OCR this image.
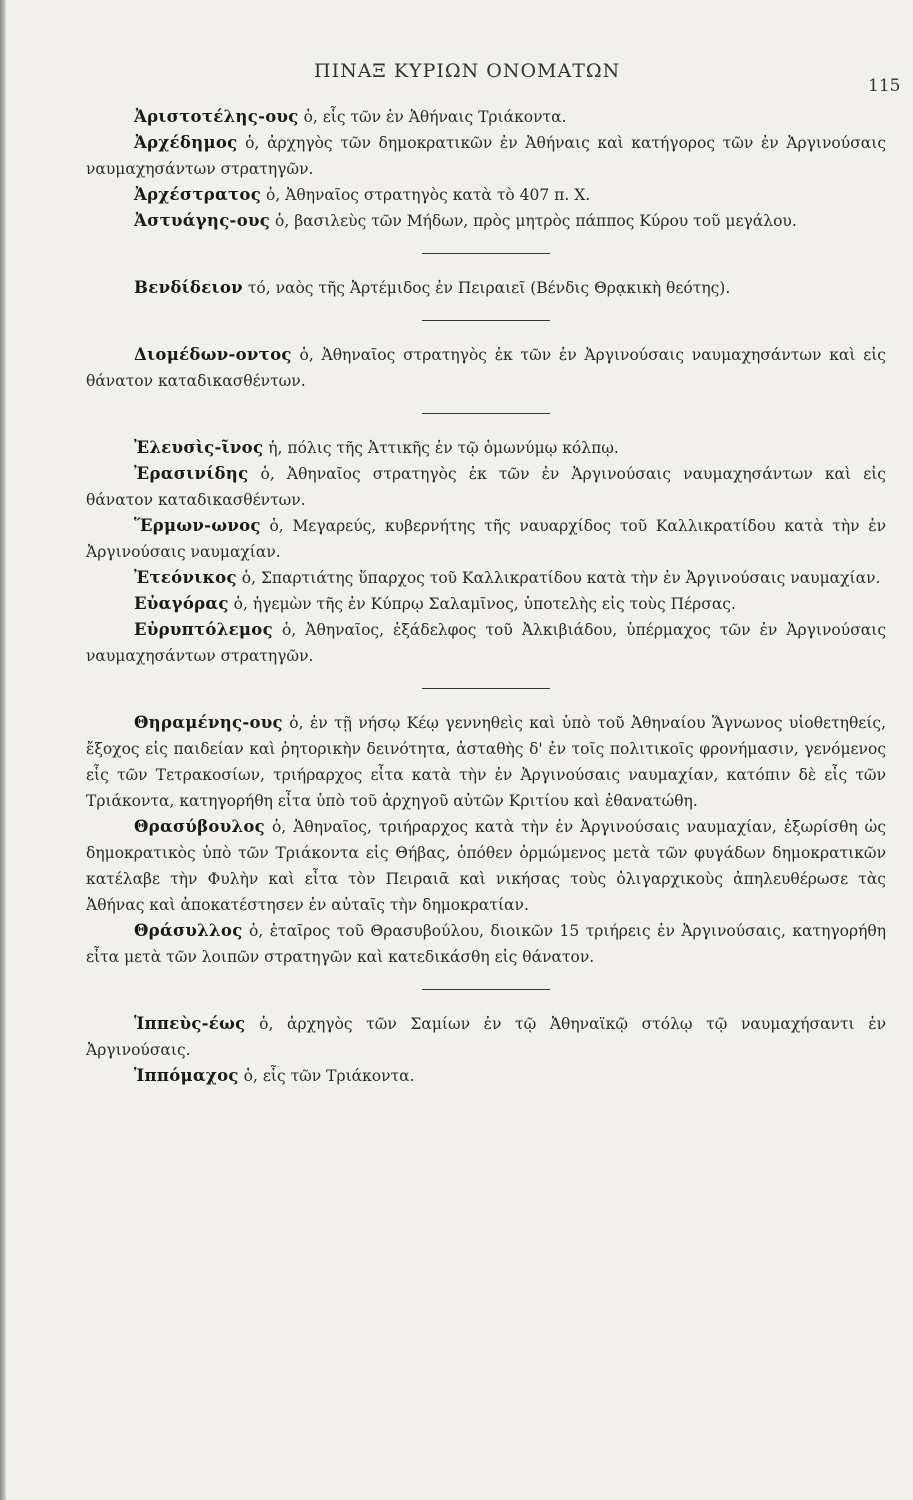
ΠΙΝΑΞ ΚΥΡΙΩΝ ΟΝΟΜΑΤΩΝ
115

Ἀριστοτέλης-ους ὁ, εἷς τῶν ἐν Ἀθήναις Τριάκοντα.

Ἀρχέδημος ὁ, ἀρχηγὸς τῶν δημοκρατικῶν ἐν Ἀθήναις καὶ κατήγορος τῶν ἐν Ἀργινούσαις ναυμαχησάντων στρατηγῶν.

Ἀρχέστρατος ὁ, Ἀθηναῖος στρατηγὸς κατὰ τὸ 407 π. Χ.

Ἀστυάγης-ους ὁ, βασιλεὺς τῶν Μήδων, πρὸς μητρὸς πάππος Κύρου τοῦ μεγάλου.

Βενδίδειον τό, ναὸς τῆς Ἀρτέμιδος ἐν Πειραιεῖ (Βένδις Θρᾳκικὴ θεότης).

Διομέδων-οντος ὁ, Ἀθηναῖος στρατηγὸς ἐκ τῶν ἐν Ἀργινούσαις ναυμαχησάντων καὶ εἰς θάνατον καταδικασθέντων.

Ἐλευσὶς-ῖνος ἡ, πόλις τῆς Ἀττικῆς ἐν τῷ ὁμωνύμῳ κόλπῳ.

Ἐρασινίδης ὁ, Ἀθηναῖος στρατηγὸς ἐκ τῶν ἐν Ἀργινούσαις ναυμαχησάντων καὶ εἰς θάνατον καταδικασθέντων.

Ἕρμων-ωνος ὁ, Μεγαρεύς, κυβερνήτης τῆς ναυαρχίδος τοῦ Καλλικρατίδου κατὰ τὴν ἐν Ἀργινούσαις ναυμαχίαν.

Ἐτεόνικος ὁ, Σπαρτιάτης ὕπαρχος τοῦ Καλλικρατίδου κατὰ τὴν ἐν Ἀργινούσαις ναυμαχίαν.

Εὐαγόρας ὁ, ἡγεμὼν τῆς ἐν Κύπρῳ Σαλαμῖνος, ὑποτελὴς εἰς τοὺς Πέρσας.

Εὐρυπτόλεμος ὁ, Ἀθηναῖος, ἐξάδελφος τοῦ Ἀλκιβιάδου, ὑπέρμαχος τῶν ἐν Ἀργινούσαις ναυμαχησάντων στρατηγῶν.

Θηραμένης-ους ὁ, ἐν τῇ νήσῳ Κέῳ γεννηθεὶς καὶ ὑπὸ τοῦ Ἀθηναίου Ἅγνωνος υἱοθετηθείς, ἔξοχος εἰς παιδείαν καὶ ῥητορικὴν δεινότητα, ἀσταθὴς δ' ἐν τοῖς πολιτικοῖς φρονήμασιν, γενόμενος εἷς τῶν Τετρακοσίων, τριήραρχος εἶτα κατὰ τὴν ἐν Ἀργινούσαις ναυμαχίαν, κατόπιν δὲ εἷς τῶν Τριάκοντα, κατηγορήθη εἶτα ὑπὸ τοῦ ἀρχηγοῦ αὐτῶν Κριτίου καὶ ἐθανατώθη.

Θρασύβουλος ὁ, Ἀθηναῖος, τριήραρχος κατὰ τὴν ἐν Ἀργινούσαις ναυμαχίαν, ἐξωρίσθη ὡς δημοκρατικὸς ὑπὸ τῶν Τριάκοντα εἰς Θήβας, ὁπόθεν ὁρμώμενος μετὰ τῶν φυγάδων δημοκρατικῶν κατέλαβε τὴν Φυλὴν καὶ εἶτα τὸν Πειραιᾶ καὶ νικήσας τοὺς ὀλιγαρχικοὺς ἀπηλευθέρωσε τὰς Ἀθήνας καὶ ἀποκατέστησεν ἐν αὐταῖς τὴν δημοκρατίαν.

Θράσυλλος ὁ, ἑταῖρος τοῦ Θρασυβούλου, διοικῶν 15 τριήρεις ἐν Ἀργινούσαις, κατηγορήθη εἶτα μετὰ τῶν λοιπῶν στρατηγῶν καὶ κατεδικάσθη εἰς θάνατον.

Ἱππεὺς-έως ὁ, ἀρχηγὸς τῶν Σαμίων ἐν τῷ Ἀθηναϊκῷ στόλῳ τῷ ναυμαχήσαντι ἐν Ἀργινούσαις.

Ἱππόμαχος ὁ, εἷς τῶν Τριάκοντα.
